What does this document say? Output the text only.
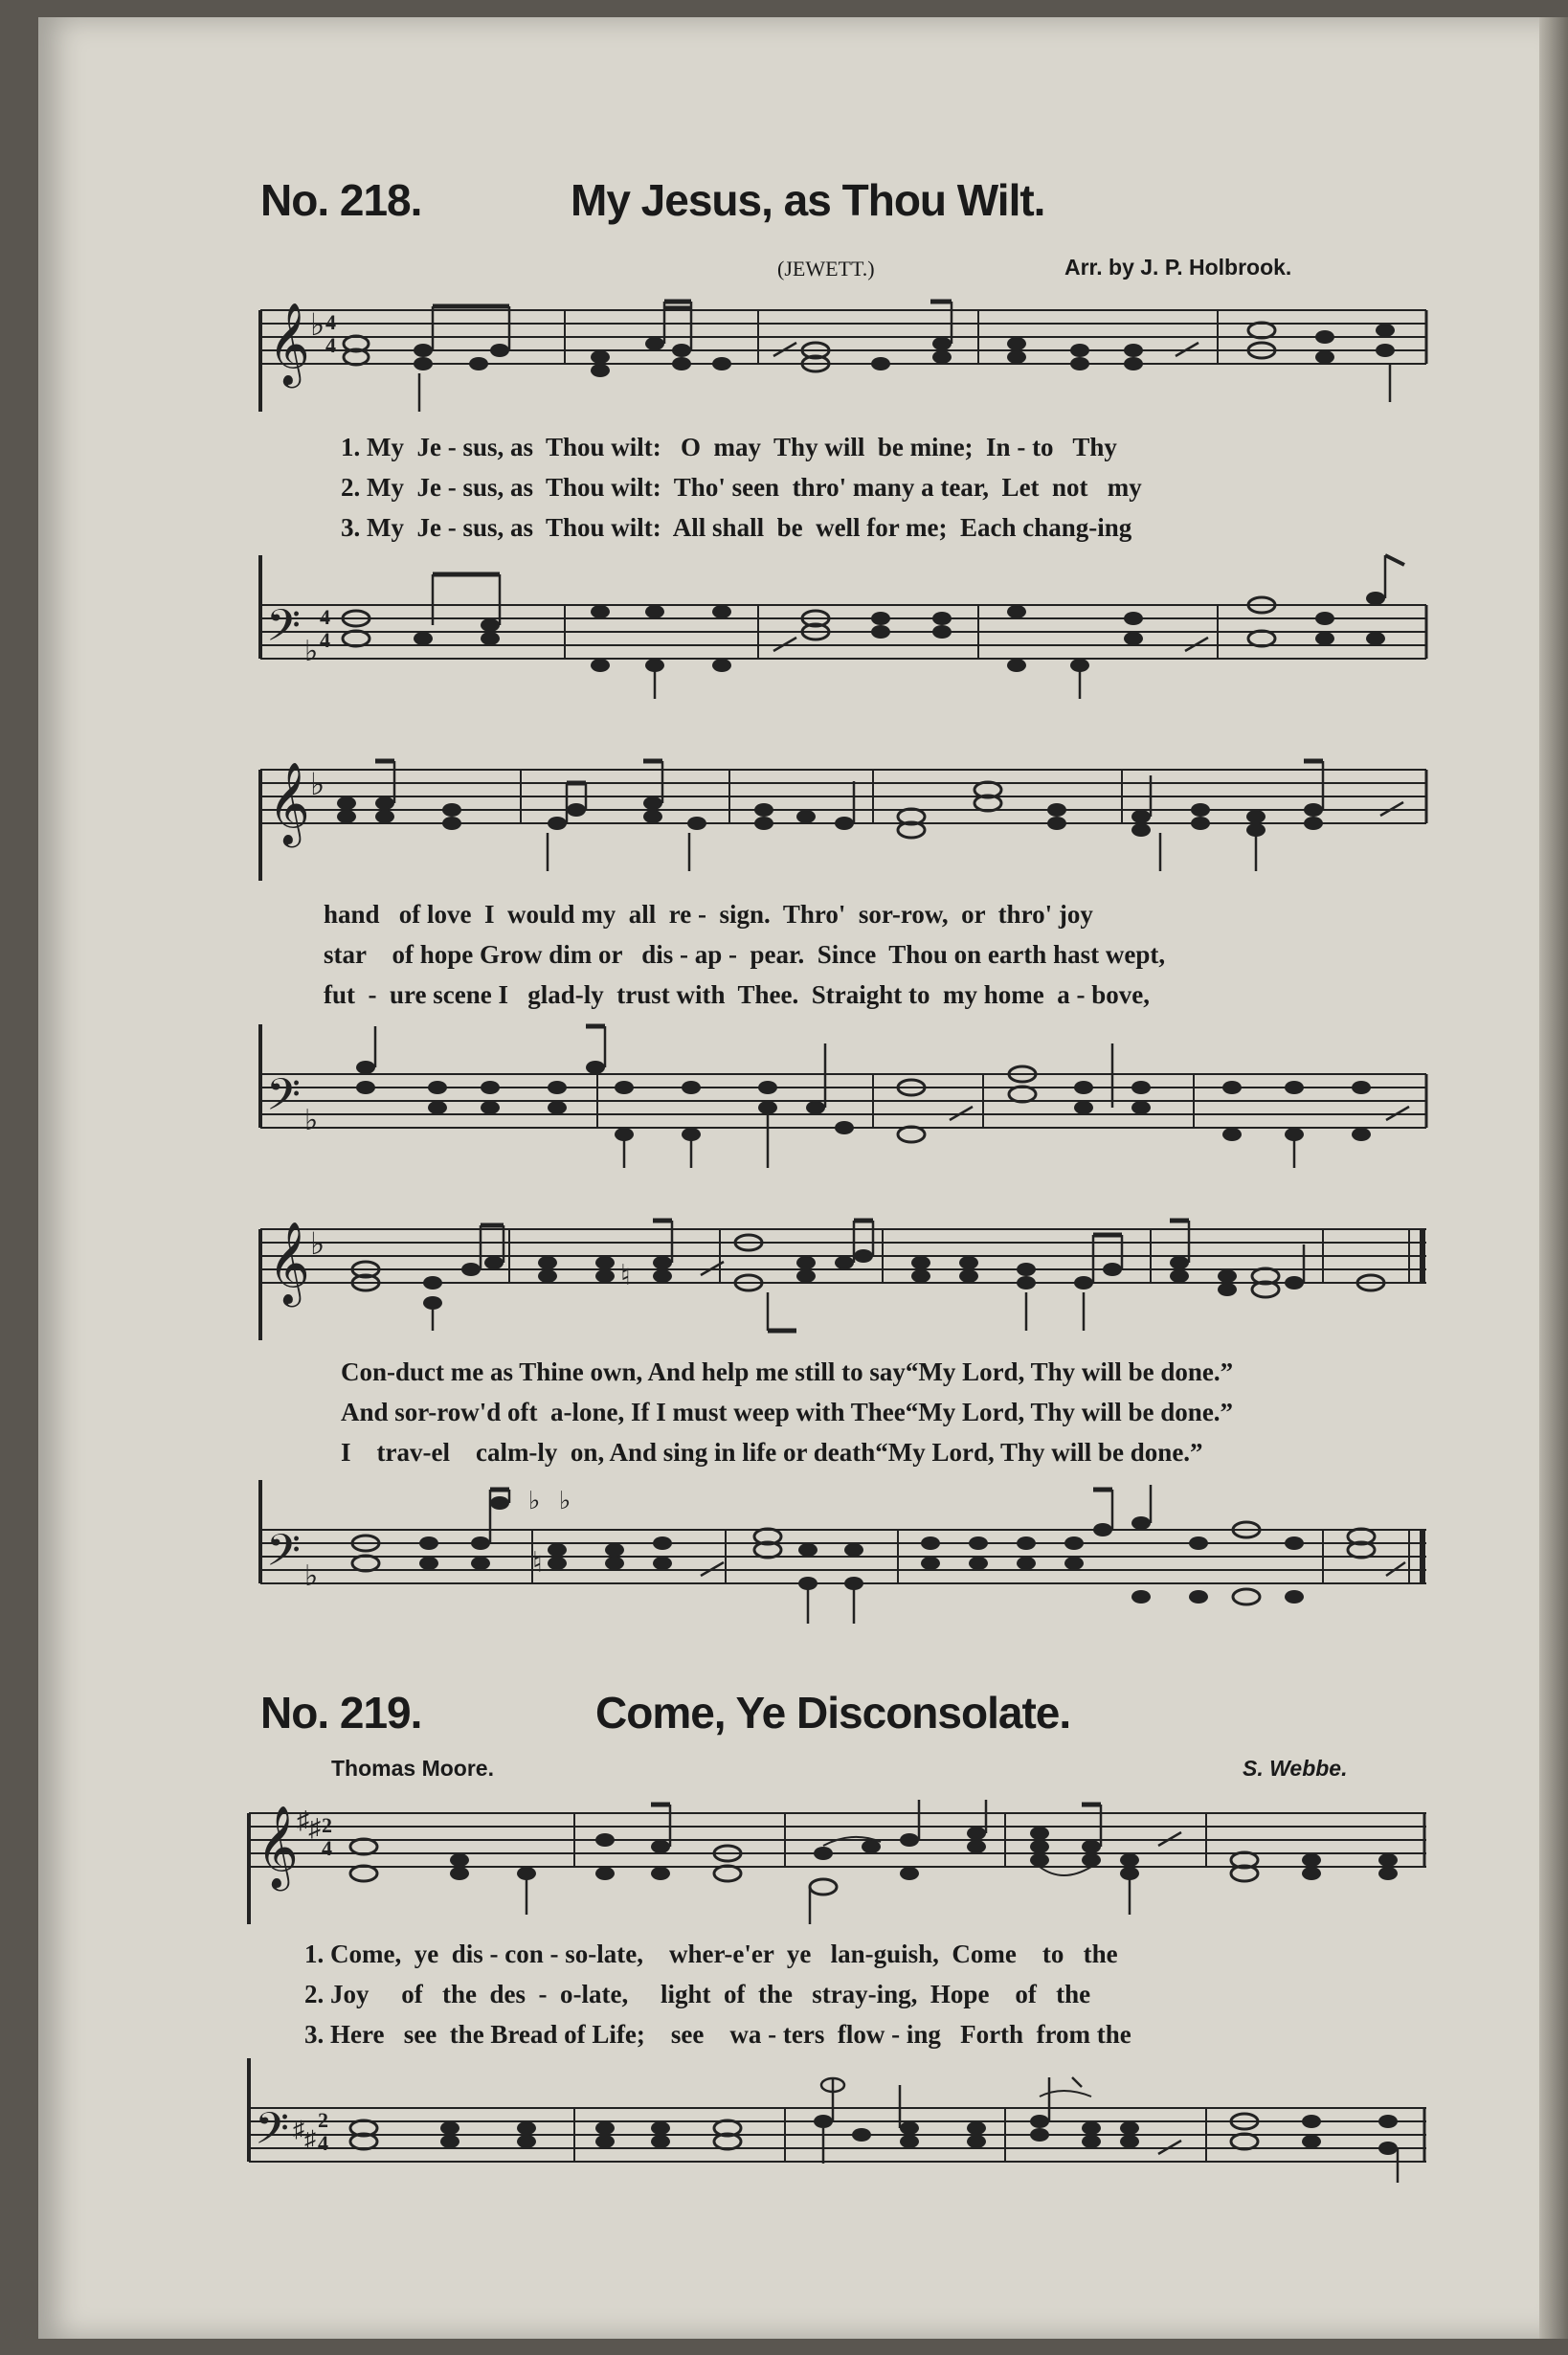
No. 218.	My Jesus, as Thou Wilt.
(JEWETT.)	Arr. by J. P. Holbrook.
𝄞 ♭ 4
4
1. My  Je - sus, as  Thou wilt:   O  may  Thy will  be mine;  In - to   Thy
2. My  Je - sus, as  Thou wilt:  Tho' seen  thro' many a tear,  Let  not   my
3. My  Je - sus, as  Thou wilt:  All shall  be  well for me;  Each chang-ing
𝄢 ♭
4
4
𝄞 ♭
hand   of love  I  would my  all  re -  sign.  Thro'  sor-row,  or  thro' joy
star    of hope Grow dim or   dis - ap -  pear.  Since  Thou on earth hast wept,
fut  -  ure scene I   glad-ly  trust with  Thee.  Straight to  my home  a - bove,
𝄢 ♭
𝄞 ♭
♮
Con-duct me as Thine own, And help me still to say“My Lord, Thy will be done.”
And sor-row'd oft  a-lone, If I must weep with Thee“My Lord, Thy will be done.”
I    trav-el    calm-ly  on, And sing in life or death“My Lord, Thy will be done.”
𝄢 ♭
♭ ♭
♮
No. 219.	Come, Ye Disconsolate.
Thomas Moore.	S. Webbe.
𝄞
♯ ♯ 2
4
1. Come,  ye  dis - con - so-late,    wher-e'er  ye   lan-guish,  Come    to   the
2. Joy     of   the  des  -  o-late,     light  of  the   stray-ing,  Hope    of   the
3. Here   see  the Bread of Life;    see    wa - ters  flow - ing   Forth  from the
𝄢 ♯ ♯
2
4
